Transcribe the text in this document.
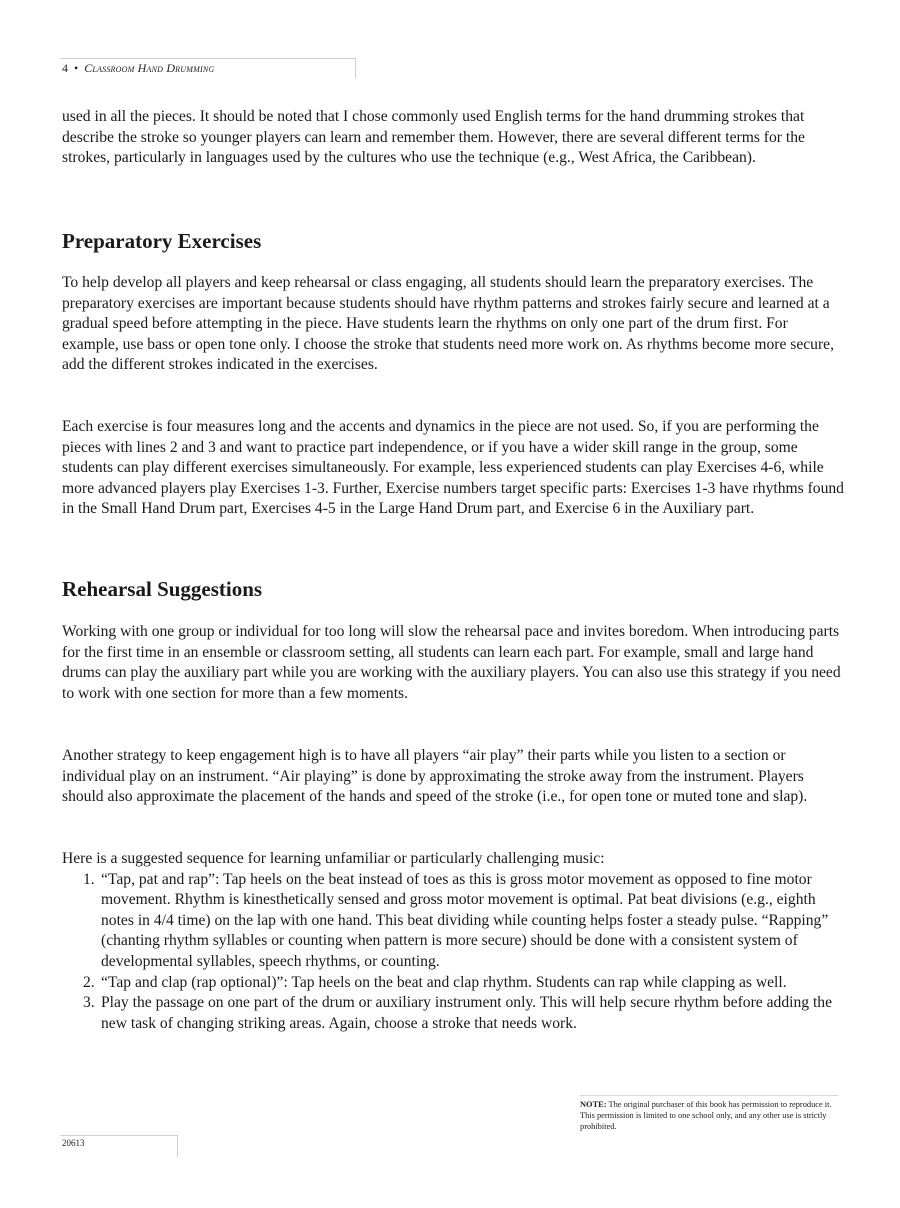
4 • Classroom Hand Drumming

used in all the pieces. It should be noted that I chose commonly used English terms for the hand drumming strokes that describe the stroke so younger players can learn and remember them. However, there are several different terms for the strokes, particularly in languages used by the cultures who use the technique (e.g., West Africa, the Caribbean).

Preparatory Exercises

To help develop all players and keep rehearsal or class engaging, all students should learn the preparatory exercises. The preparatory exercises are important because students should have rhythm patterns and strokes fairly secure and learned at a gradual speed before attempting in the piece. Have students learn the rhythms on only one part of the drum first. For example, use bass or open tone only. I choose the stroke that students need more work on. As rhythms become more secure, add the different strokes indicated in the exercises.

Each exercise is four measures long and the accents and dynamics in the piece are not used. So, if you are performing the pieces with lines 2 and 3 and want to practice part independence, or if you have a wider skill range in the group, some students can play different exercises simultaneously. For example, less experienced students can play Exercises 4-6, while more advanced players play Exercises 1-3. Further, Exercise numbers target specific parts: Exercises 1-3 have rhythms found in the Small Hand Drum part, Exercises 4-5 in the Large Hand Drum part, and Exercise 6 in the Auxiliary part.

Rehearsal Suggestions

Working with one group or individual for too long will slow the rehearsal pace and invites boredom. When introducing parts for the first time in an ensemble or classroom setting, all students can learn each part. For example, small and large hand drums can play the auxiliary part while you are working with the auxiliary players. You can also use this strategy if you need to work with one section for more than a few moments.

Another strategy to keep engagement high is to have all players “air play” their parts while you listen to a section or individual play on an instrument. “Air playing” is done by approximating the stroke away from the instrument. Players should also approximate the placement of the hands and speed of the stroke (i.e., for open tone or muted tone and slap).

Here is a suggested sequence for learning unfamiliar or particularly challenging music:

1. “Tap, pat and rap”: Tap heels on the beat instead of toes as this is gross motor movement as opposed to fine motor movement. Rhythm is kinesthetically sensed and gross motor movement is optimal. Pat beat divisions (e.g., eighth notes in 4/4 time) on the lap with one hand. This beat dividing while counting helps foster a steady pulse. “Rapping” (chanting rhythm syllables or counting when pattern is more secure) should be done with a consistent system of developmental syllables, speech rhythms, or counting.
2. “Tap and clap (rap optional)”: Tap heels on the beat and clap rhythm. Students can rap while clapping as well.
3. Play the passage on one part of the drum or auxiliary instrument only. This will help secure rhythm before adding the new task of changing striking areas. Again, choose a stroke that needs work.
NOTE: The original purchaser of this book has permission to reproduce it. This permission is limited to one school only, and any other use is strictly prohibited.
20613
